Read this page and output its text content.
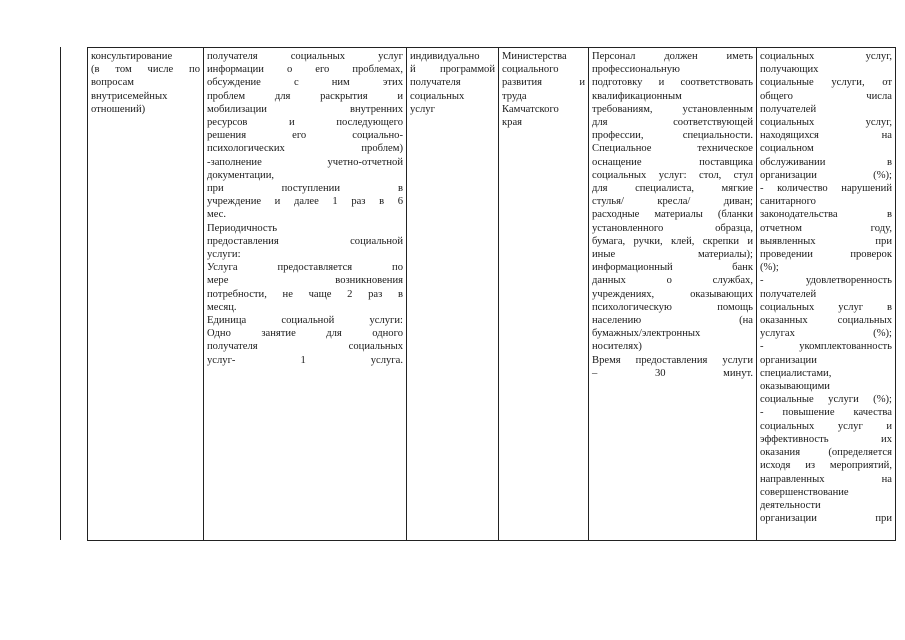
консультирование
(в том числе по
вопросам
внутрисемейных
отношений)

получателя социальных услуг
информации о его проблемах,
обсуждение с ним этих
проблем для раскрытия и
мобилизации внутренних
ресурсов и последующего
решения его социально-
психологических проблем)
-заполнение учетно-отчетной
документации,
при поступлении в
учреждение и далее 1 раз в 6
мес.
Периодичность
предоставления социальной
услуги:
Услуга предоставляется по
мере возникновения
потребности, не чаще 2 раз в
месяц.
Единица социальной услуги:
Одно занятие для одного
получателя социальных
услуг- 1 услуга.

индивидуально
й программой
получателя
социальных
услуг

Министерства
социального
развития и
труда
Камчатского
края

Персонал должен иметь
профессиональную
подготовку и соответствовать
квалификационным
требованиям, установленным
для соответствующей
профессии, специальности.
Специальное техническое
оснащение поставщика
социальных услуг: стол, стул
для специалиста, мягкие
стулья/ кресла/ диван;
расходные материалы (бланки
установленного образца,
бумага, ручки, клей, скрепки и
иные материалы);
информационный банк
данных о службах,
учреждениях, оказывающих
психологическую помощь
населению (на
бумажных/электронных
носителях)
Время предоставления услуги
– 30 минут.

социальных услуг,
получающих
социальные услуги, от
общего числа
получателей
социальных услуг,
находящихся на
социальном
обслуживании в
организации (%);
- количество нарушений
санитарного
законодательства в
отчетном году,
выявленных при
проведении проверок
(%);
- удовлетворенность
получателей
социальных услуг в
оказанных социальных
услугах (%);
- укомплектованность
организации
специалистами,
оказывающими
социальные услуги (%);
- повышение качества
социальных услуг и
эффективность их
оказания (определяется
исходя из мероприятий,
направленных на
совершенствование
деятельности
организации при
